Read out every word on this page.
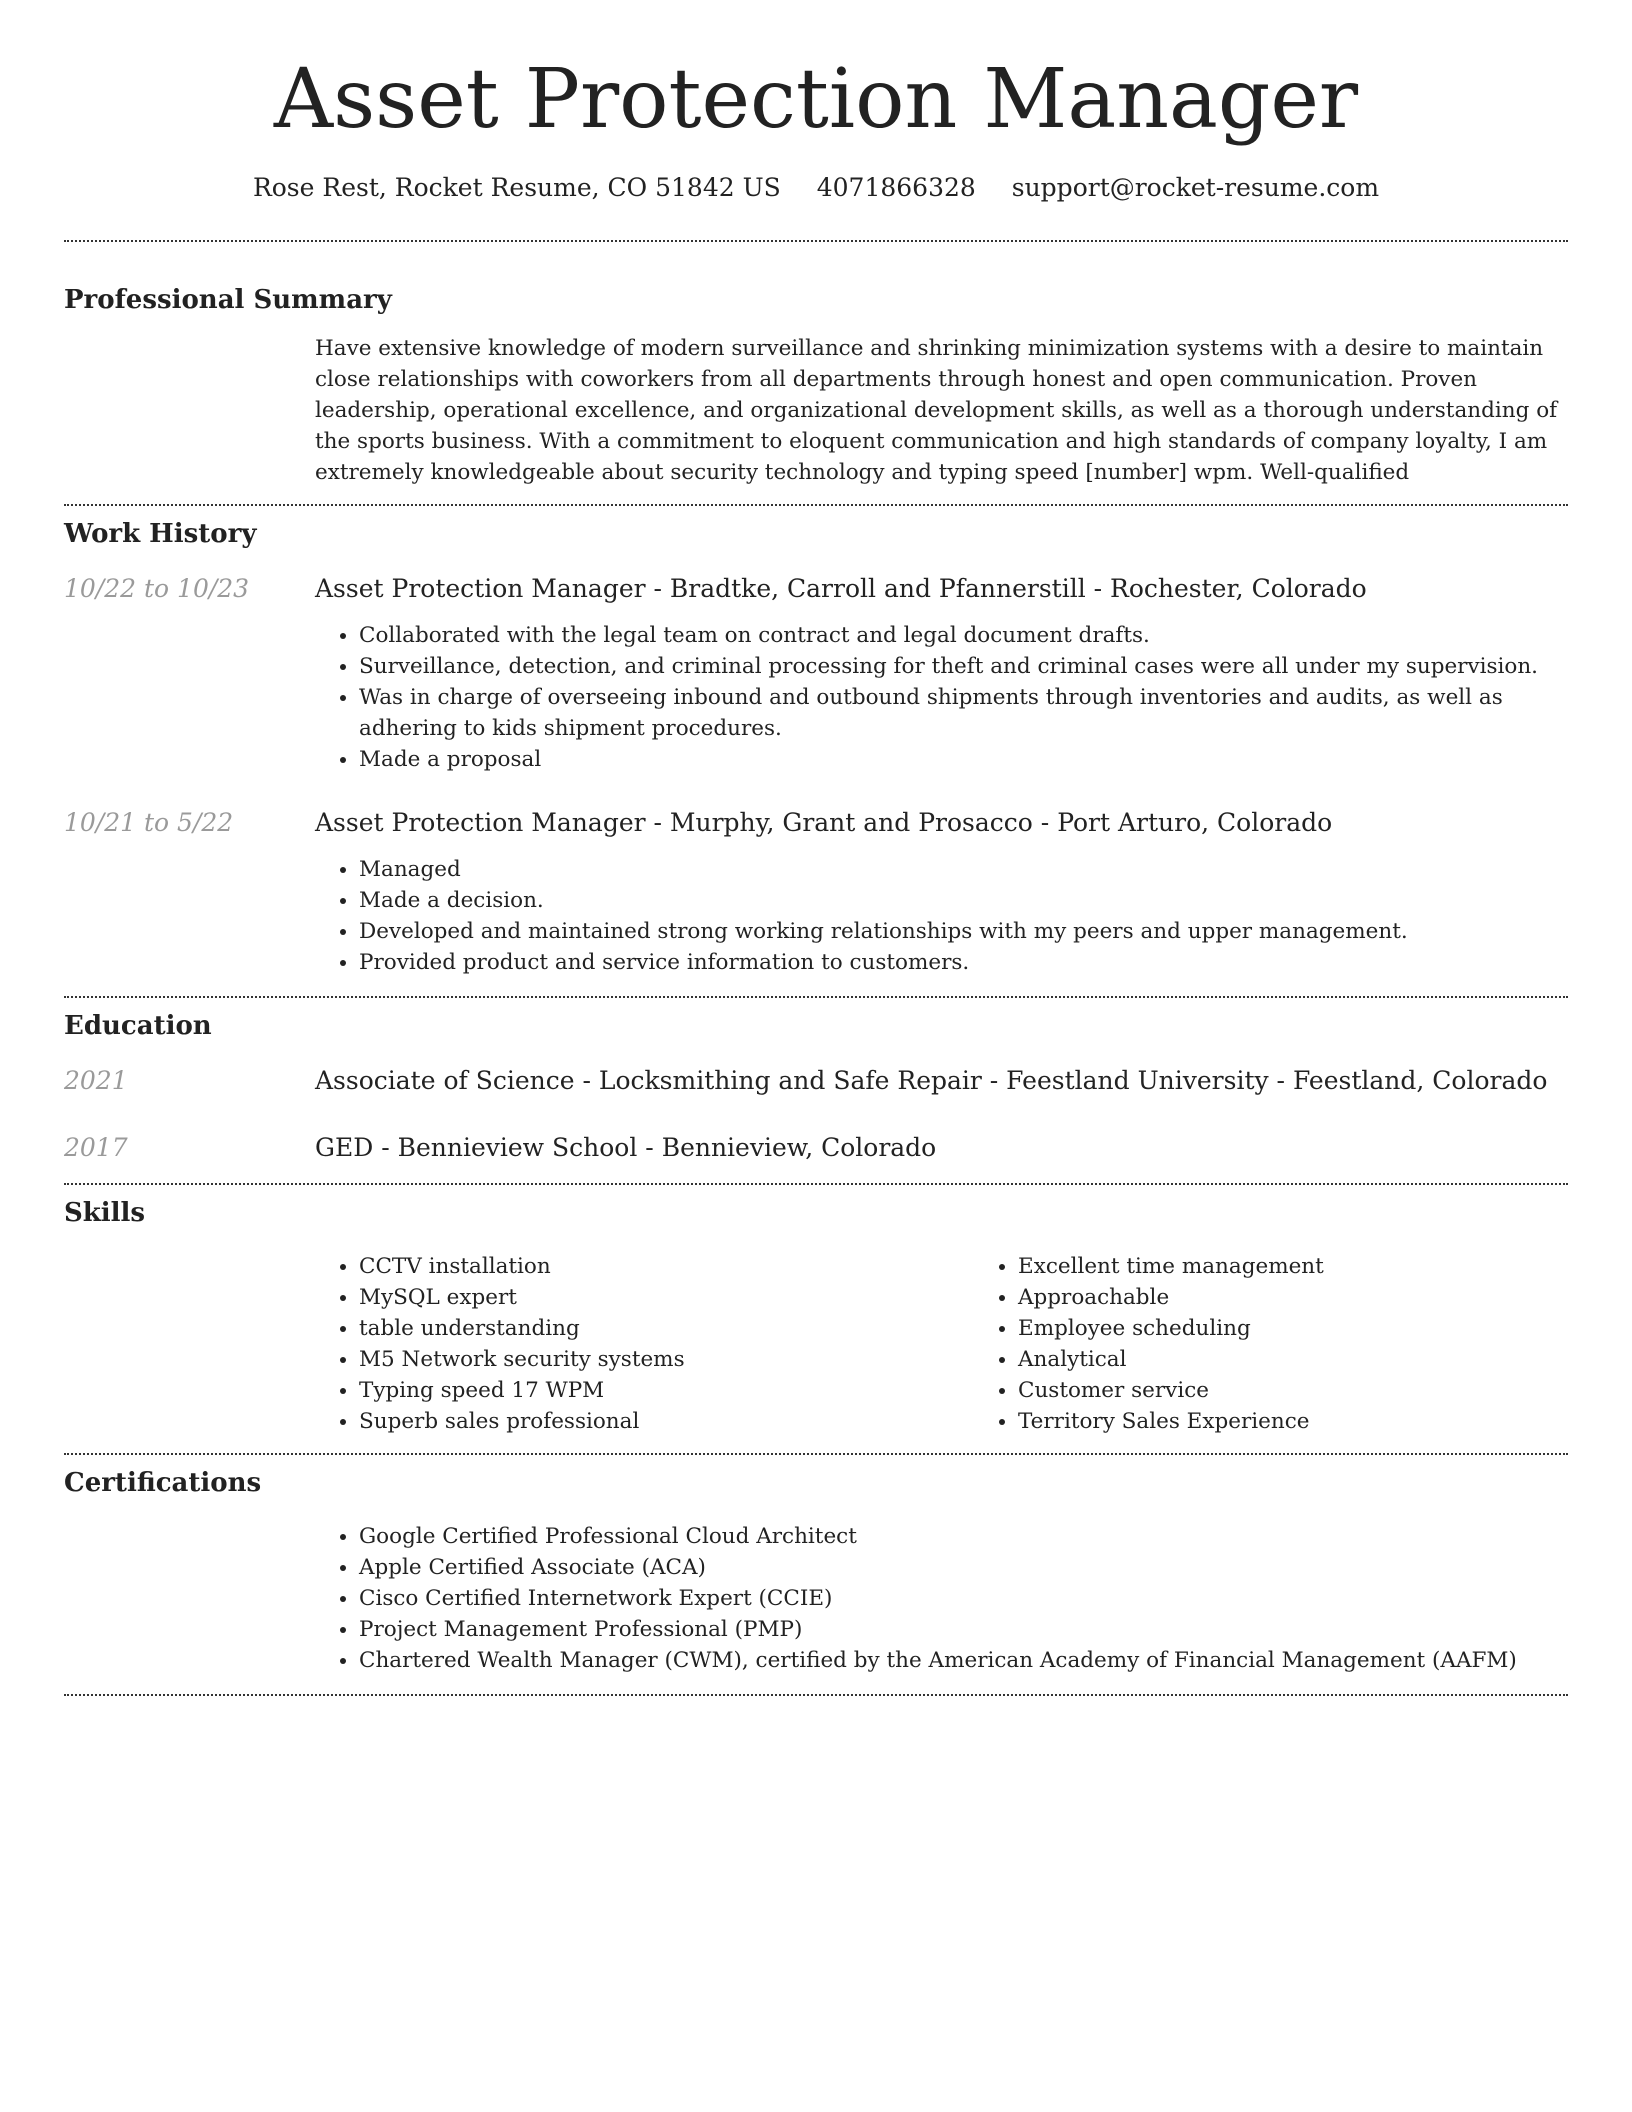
Asset Protection Manager
Rose Rest, Rocket Resume, CO 51842 US 4071866328 support@rocket-resume.com
Professional Summary

Have extensive knowledge of modern surveillance and shrinking minimization systems with a desire to maintain close relationships with coworkers from all departments through honest and open communication. Proven leadership, operational excellence, and organizational development skills, as well as a thorough understanding of the sports business. With a commitment to eloquent communication and high standards of company loyalty, I am extremely knowledgeable about security technology and typing speed [number] wpm. Well-qualified

Work History
10/22 to 10/23	Asset Protection Manager - Bradtke, Carroll and Pfannerstill - Rochester, Colorado
• Collaborated with the legal team on contract and legal document drafts.
• Surveillance, detection, and criminal processing for theft and criminal cases were all under my supervision.
• Was in charge of overseeing inbound and outbound shipments through inventories and audits, as well as adhering to kids shipment procedures.
• Made a proposal
10/21 to 5/22	Asset Protection Manager - Murphy, Grant and Prosacco - Port Arturo, Colorado
• Managed
• Made a decision.
• Developed and maintained strong working relationships with my peers and upper management.
• Provided product and service information to customers.
Education
2021	Associate of Science - Locksmithing and Safe Repair - Feestland University - Feestland, Colorado
2017	GED - Bennieview School - Bennieview, Colorado
Skills
• CCTV installation
• MySQL expert
• table understanding
• M5 Network security systems
• Typing speed 17 WPM
• Superb sales professional
• Excellent time management
• Approachable
• Employee scheduling
• Analytical
• Customer service
• Territory Sales Experience
Certifications
• Google Certified Professional Cloud Architect
• Apple Certified Associate (ACA)
• Cisco Certified Internetwork Expert (CCIE)
• Project Management Professional (PMP)
• Chartered Wealth Manager (CWM), certified by the American Academy of Financial Management (AAFM)
